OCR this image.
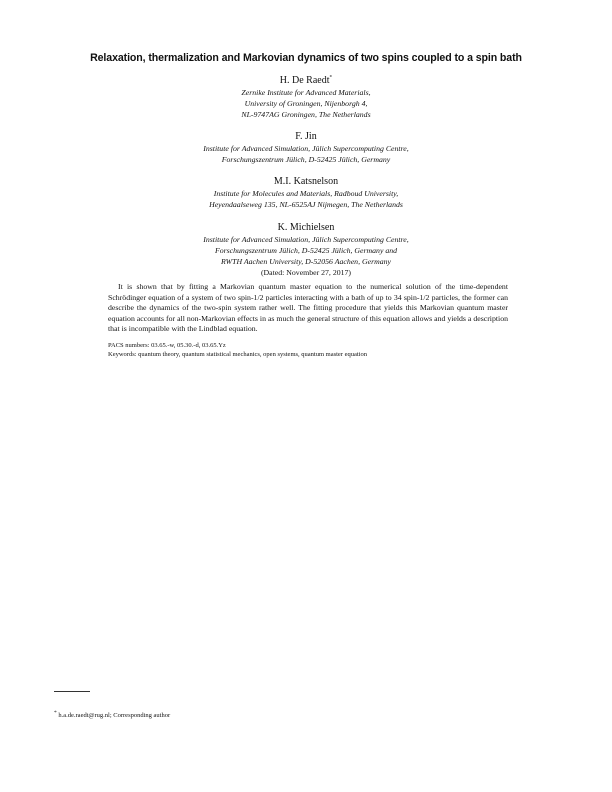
Relaxation, thermalization and Markovian dynamics of two spins coupled to a spin bath
H. De Raedt*
Zernike Institute for Advanced Materials,
University of Groningen, Nijenborgh 4,
NL-9747AG Groningen, The Netherlands
F. Jin
Institute for Advanced Simulation, Jülich Supercomputing Centre,
Forschungszentrum Jülich, D-52425 Jülich, Germany
M.I. Katsnelson
Institute for Molecules and Materials, Radboud University,
Heyendaalseweg 135, NL-6525AJ Nijmegen, The Netherlands
K. Michielsen
Institute for Advanced Simulation, Jülich Supercomputing Centre,
Forschungszentrum Jülich, D-52425 Jülich, Germany and
RWTH Aachen University, D-52056 Aachen, Germany
(Dated: November 27, 2017)
It is shown that by fitting a Markovian quantum master equation to the numerical solution of the time-dependent Schrödinger equation of a system of two spin-1/2 particles interacting with a bath of up to 34 spin-1/2 particles, the former can describe the dynamics of the two-spin system rather well. The fitting procedure that yields this Markovian quantum master equation accounts for all non-Markovian effects in as much the general structure of this equation allows and yields a description that is incompatible with the Lindblad equation.
PACS numbers: 03.65.-w, 05.30.-d, 03.65.Yz
Keywords: quantum theory, quantum statistical mechanics, open systems, quantum master equation
* h.a.de.raedt@rug.nl; Corresponding author
